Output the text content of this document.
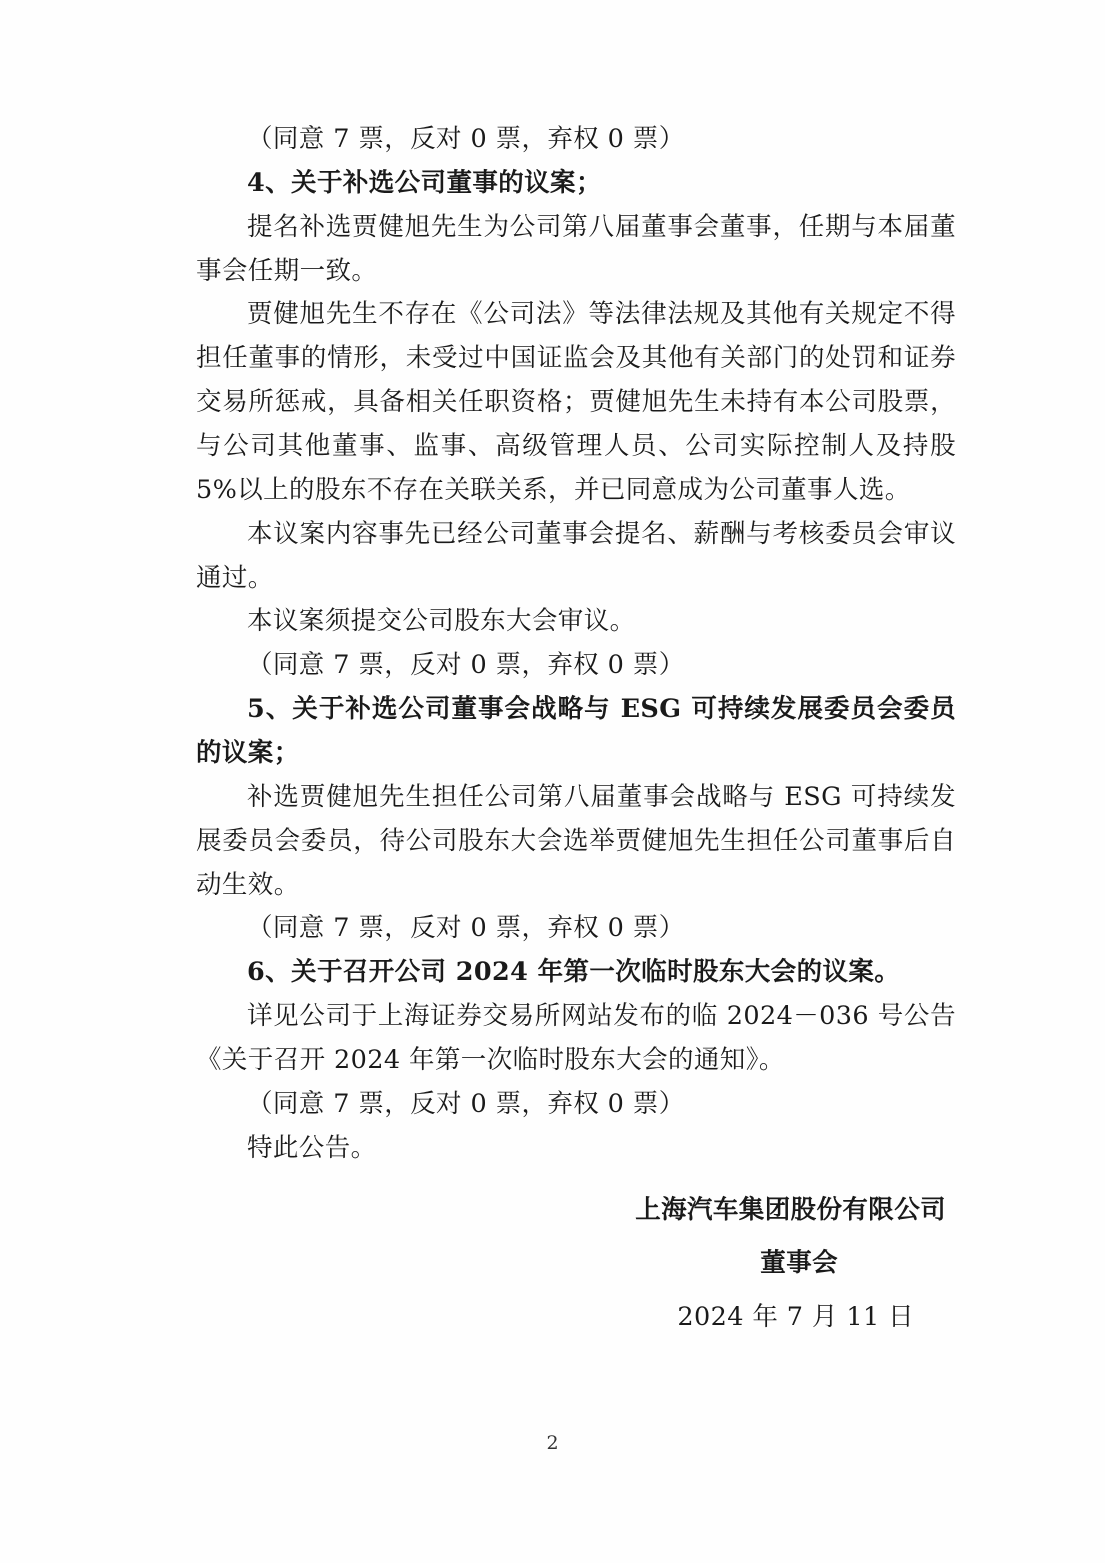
（同意 7 票，反对 0 票，弃权 0 票）

4、关于补选公司董事的议案；

提名补选贾健旭先生为公司第八届董事会董事，任期与本届董事会任期一致。

贾健旭先生不存在《公司法》等法律法规及其他有关规定不得担任董事的情形，未受过中国证监会及其他有关部门的处罚和证券交易所惩戒，具备相关任职资格；贾健旭先生未持有本公司股票，与公司其他董事、监事、高级管理人员、公司实际控制人及持股 5%以上的股东不存在关联关系，并已同意成为公司董事人选。

本议案内容事先已经公司董事会提名、薪酬与考核委员会审议通过。

本议案须提交公司股东大会审议。

（同意 7 票，反对 0 票，弃权 0 票）

5、关于补选公司董事会战略与 ESG 可持续发展委员会委员的议案；

补选贾健旭先生担任公司第八届董事会战略与 ESG 可持续发展委员会委员，待公司股东大会选举贾健旭先生担任公司董事后自动生效。

（同意 7 票，反对 0 票，弃权 0 票）

6、关于召开公司 2024 年第一次临时股东大会的议案。

详见公司于上海证券交易所网站发布的临 2024－036 号公告《关于召开 2024 年第一次临时股东大会的通知》。

（同意 7 票，反对 0 票，弃权 0 票）

特此公告。

上海汽车集团股份有限公司

董事会

2024 年 7 月 11 日

2
